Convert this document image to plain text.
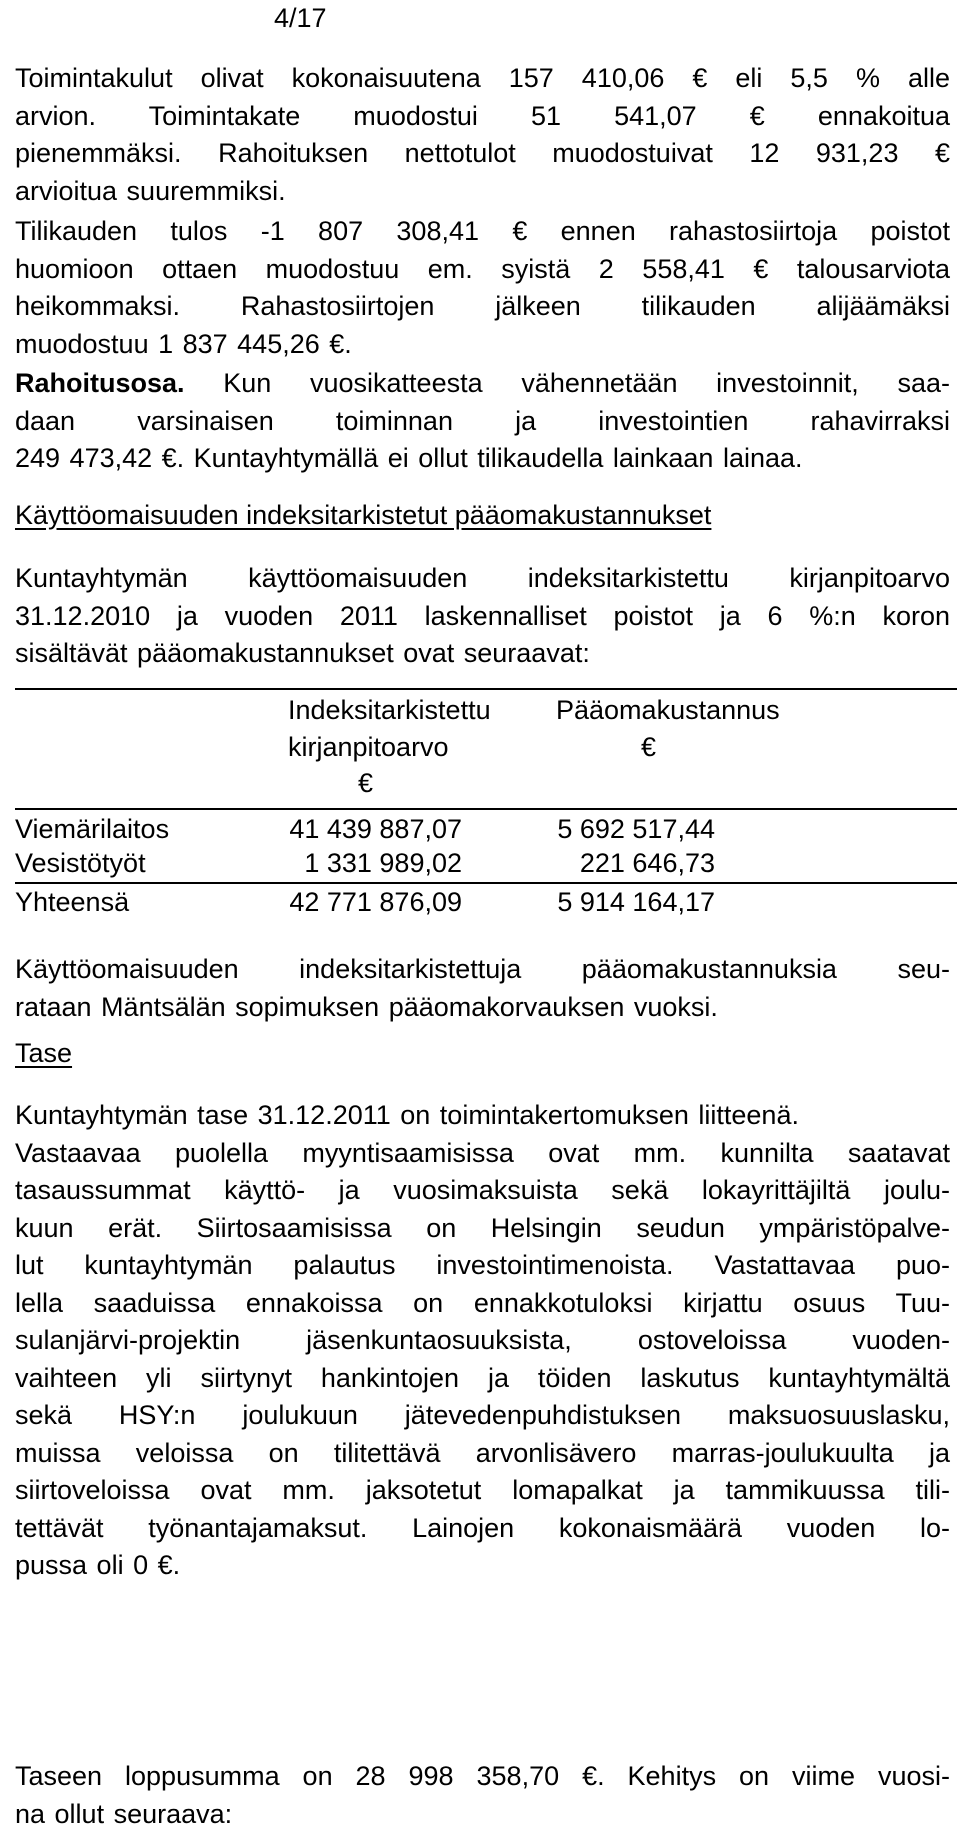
4/17
Toimintakulut olivat kokonaisuutena 157 410,06 € eli 5,5 % alle
arvion. Toimintakate muodostui 51 541,07 € ennakoitua
pienemmäksi. Rahoituksen nettotulot muodostuivat 12 931,23 €
arvioitua suuremmiksi.
Tilikauden tulos -1 807 308,41 € ennen rahastosiirtoja poistot
huomioon ottaen muodostuu em. syistä 2 558,41 € talousarviota
heikommaksi. Rahastosiirtojen jälkeen tilikauden alijäämäksi
muodostuu 1 837 445,26 €.
Rahoitusosa. Kun vuosikatteesta vähennetään investoinnit, saa-
daan varsinaisen toiminnan ja investointien rahavirraksi
249 473,42 €. Kuntayhtymällä ei ollut tilikaudella lainkaan lainaa.
Käyttöomaisuuden indeksitarkistetut pääomakustannukset
Kuntayhtymän käyttöomaisuuden indeksitarkistettu kirjanpitoarvo
31.12.2010 ja vuoden 2011 laskennalliset poistot ja 6 %:n koron
sisältävät pääomakustannukset ovat seuraavat:
Indeksitarkistettu
kirjanpitoarvo
€
Pääomakustannus
€
Viemärilaitos	41 439 887,07	5 692 517,44
Vesistötyöt	1 331 989,02	221 646,73
Yhteensä	42 771 876,09	5 914 164,17
Käyttöomaisuuden indeksitarkistettuja pääomakustannuksia seu-
rataan Mäntsälän sopimuksen pääomakorvauksen vuoksi.
Tase
Kuntayhtymän tase 31.12.2011 on toimintakertomuksen liitteenä.
Vastaavaa puolella myyntisaamisissa ovat mm. kunnilta saatavat
tasaussummat käyttö- ja vuosimaksuista sekä lokayrittäjiltä joulu-
kuun erät. Siirtosaamisissa on Helsingin seudun ympäristöpalve-
lut kuntayhtymän palautus investointimenoista. Vastattavaa puo-
lella saaduissa ennakoissa on ennakkotuloksi kirjattu osuus Tuu-
sulanjärvi-projektin jäsenkuntaosuuksista, ostoveloissa vuoden-
vaihteen yli siirtynyt hankintojen ja töiden laskutus kuntayhtymältä
sekä HSY:n joulukuun jätevedenpuhdistuksen maksuosuuslasku,
muissa veloissa on tilitettävä arvonlisävero marras-joulukuulta ja
siirtoveloissa ovat mm. jaksotetut lomapalkat ja tammikuussa tili-
tettävät työnantajamaksut. Lainojen kokonaismäärä vuoden lo-
pussa oli 0 €.
Taseen loppusumma on 28 998 358,70 €. Kehitys on viime vuosi-
na ollut seuraava:
